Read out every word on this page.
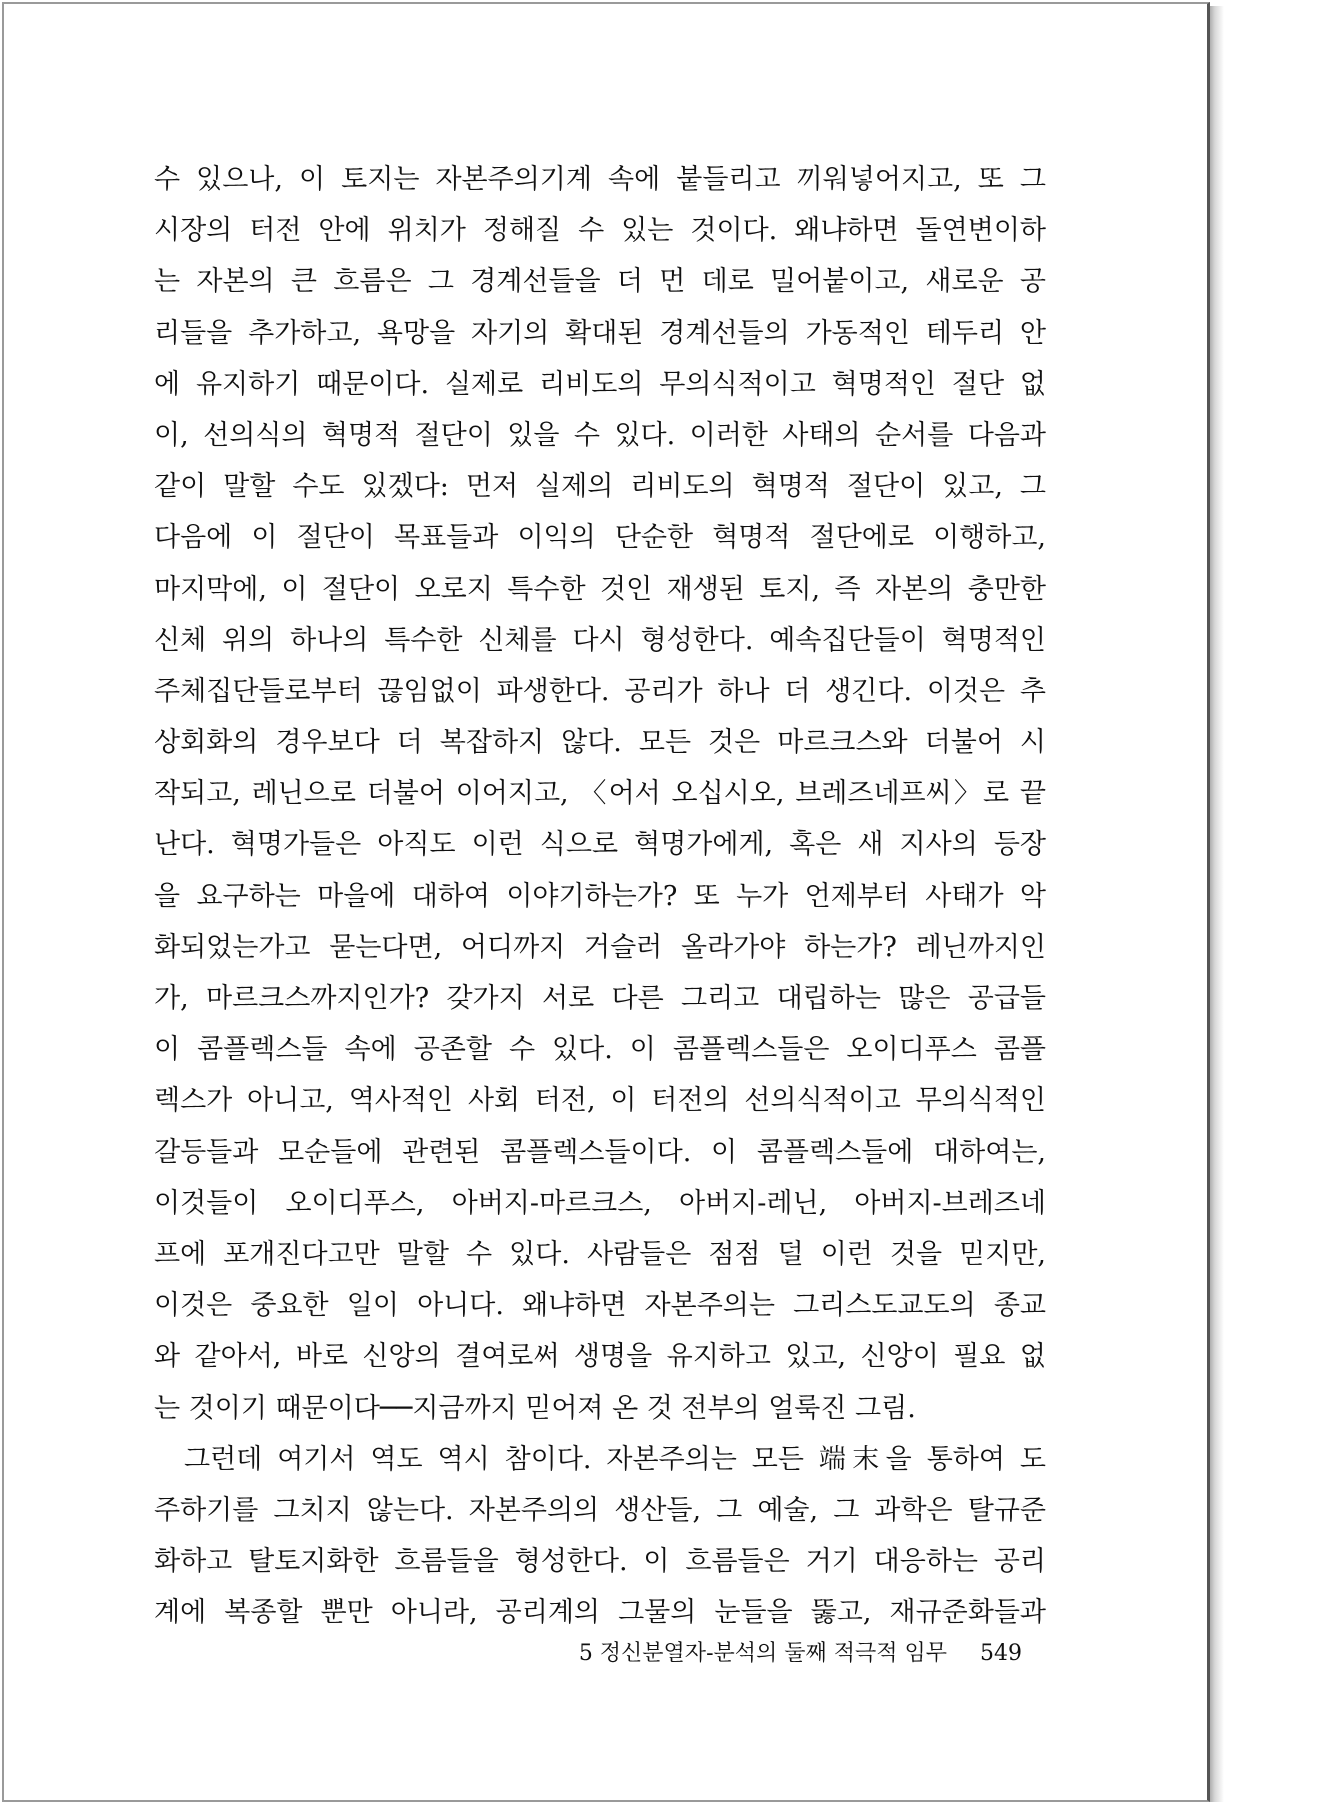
수 있으나, 이 토지는 자본주의기계 속에 붙들리고 끼워넣어지고, 또 그
시장의 터전 안에 위치가 정해질 수 있는 것이다. 왜냐하면 돌연변이하
는 자본의 큰 흐름은 그 경계선들을 더 먼 데로 밀어붙이고, 새로운 공
리들을 추가하고, 욕망을 자기의 확대된 경계선들의 가동적인 테두리 안
에 유지하기 때문이다. 실제로 리비도의 무의식적이고 혁명적인 절단 없
이, 선의식의 혁명적 절단이 있을 수 있다. 이러한 사태의 순서를 다음과
같이 말할 수도 있겠다: 먼저 실제의 리비도의 혁명적 절단이 있고, 그
다음에 이 절단이 목표들과 이익의 단순한 혁명적 절단에로 이행하고,
마지막에, 이 절단이 오로지 특수한 것인 재생된 토지, 즉 자본의 충만한
신체 위의 하나의 특수한 신체를 다시 형성한다. 예속집단들이 혁명적인
주체집단들로부터 끊임없이 파생한다. 공리가 하나 더 생긴다. 이것은 추
상회화의 경우보다 더 복잡하지 않다. 모든 것은 마르크스와 더불어 시
작되고, 레닌으로 더불어 이어지고, 〈어서 오십시오, 브레즈네프씨〉로 끝
난다. 혁명가들은 아직도 이런 식으로 혁명가에게, 혹은 새 지사의 등장
을 요구하는 마을에 대하여 이야기하는가? 또 누가 언제부터 사태가 악
화되었는가고 묻는다면, 어디까지 거슬러 올라가야 하는가? 레닌까지인
가, 마르크스까지인가? 갖가지 서로 다른 그리고 대립하는 많은 공급들
이 콤플렉스들 속에 공존할 수 있다. 이 콤플렉스들은 오이디푸스 콤플
렉스가 아니고, 역사적인 사회 터전, 이 터전의 선의식적이고 무의식적인
갈등들과 모순들에 관련된 콤플렉스들이다. 이 콤플렉스들에 대하여는,
이것들이 오이디푸스, 아버지-마르크스, 아버지-레닌, 아버지-브레즈네
프에 포개진다고만 말할 수 있다. 사람들은 점점 덜 이런 것을 믿지만,
이것은 중요한 일이 아니다. 왜냐하면 자본주의는 그리스도교도의 종교
와 같아서, 바로 신앙의 결여로써 생명을 유지하고 있고, 신앙이 필요 없
는 것이기 때문이다──지금까지 믿어져 온 것 전부의 얼룩진 그림.
그런데 여기서 역도 역시 참이다. 자본주의는 모든 端末을 통하여 도
주하기를 그치지 않는다. 자본주의의 생산들, 그 예술, 그 과학은 탈규준
화하고 탈토지화한 흐름들을 형성한다. 이 흐름들은 거기 대응하는 공리
계에 복종할 뿐만 아니라, 공리계의 그물의 눈들을 뚫고, 재규준화들과
5 정신분열자-분석의 둘째 적극적 임무 549
